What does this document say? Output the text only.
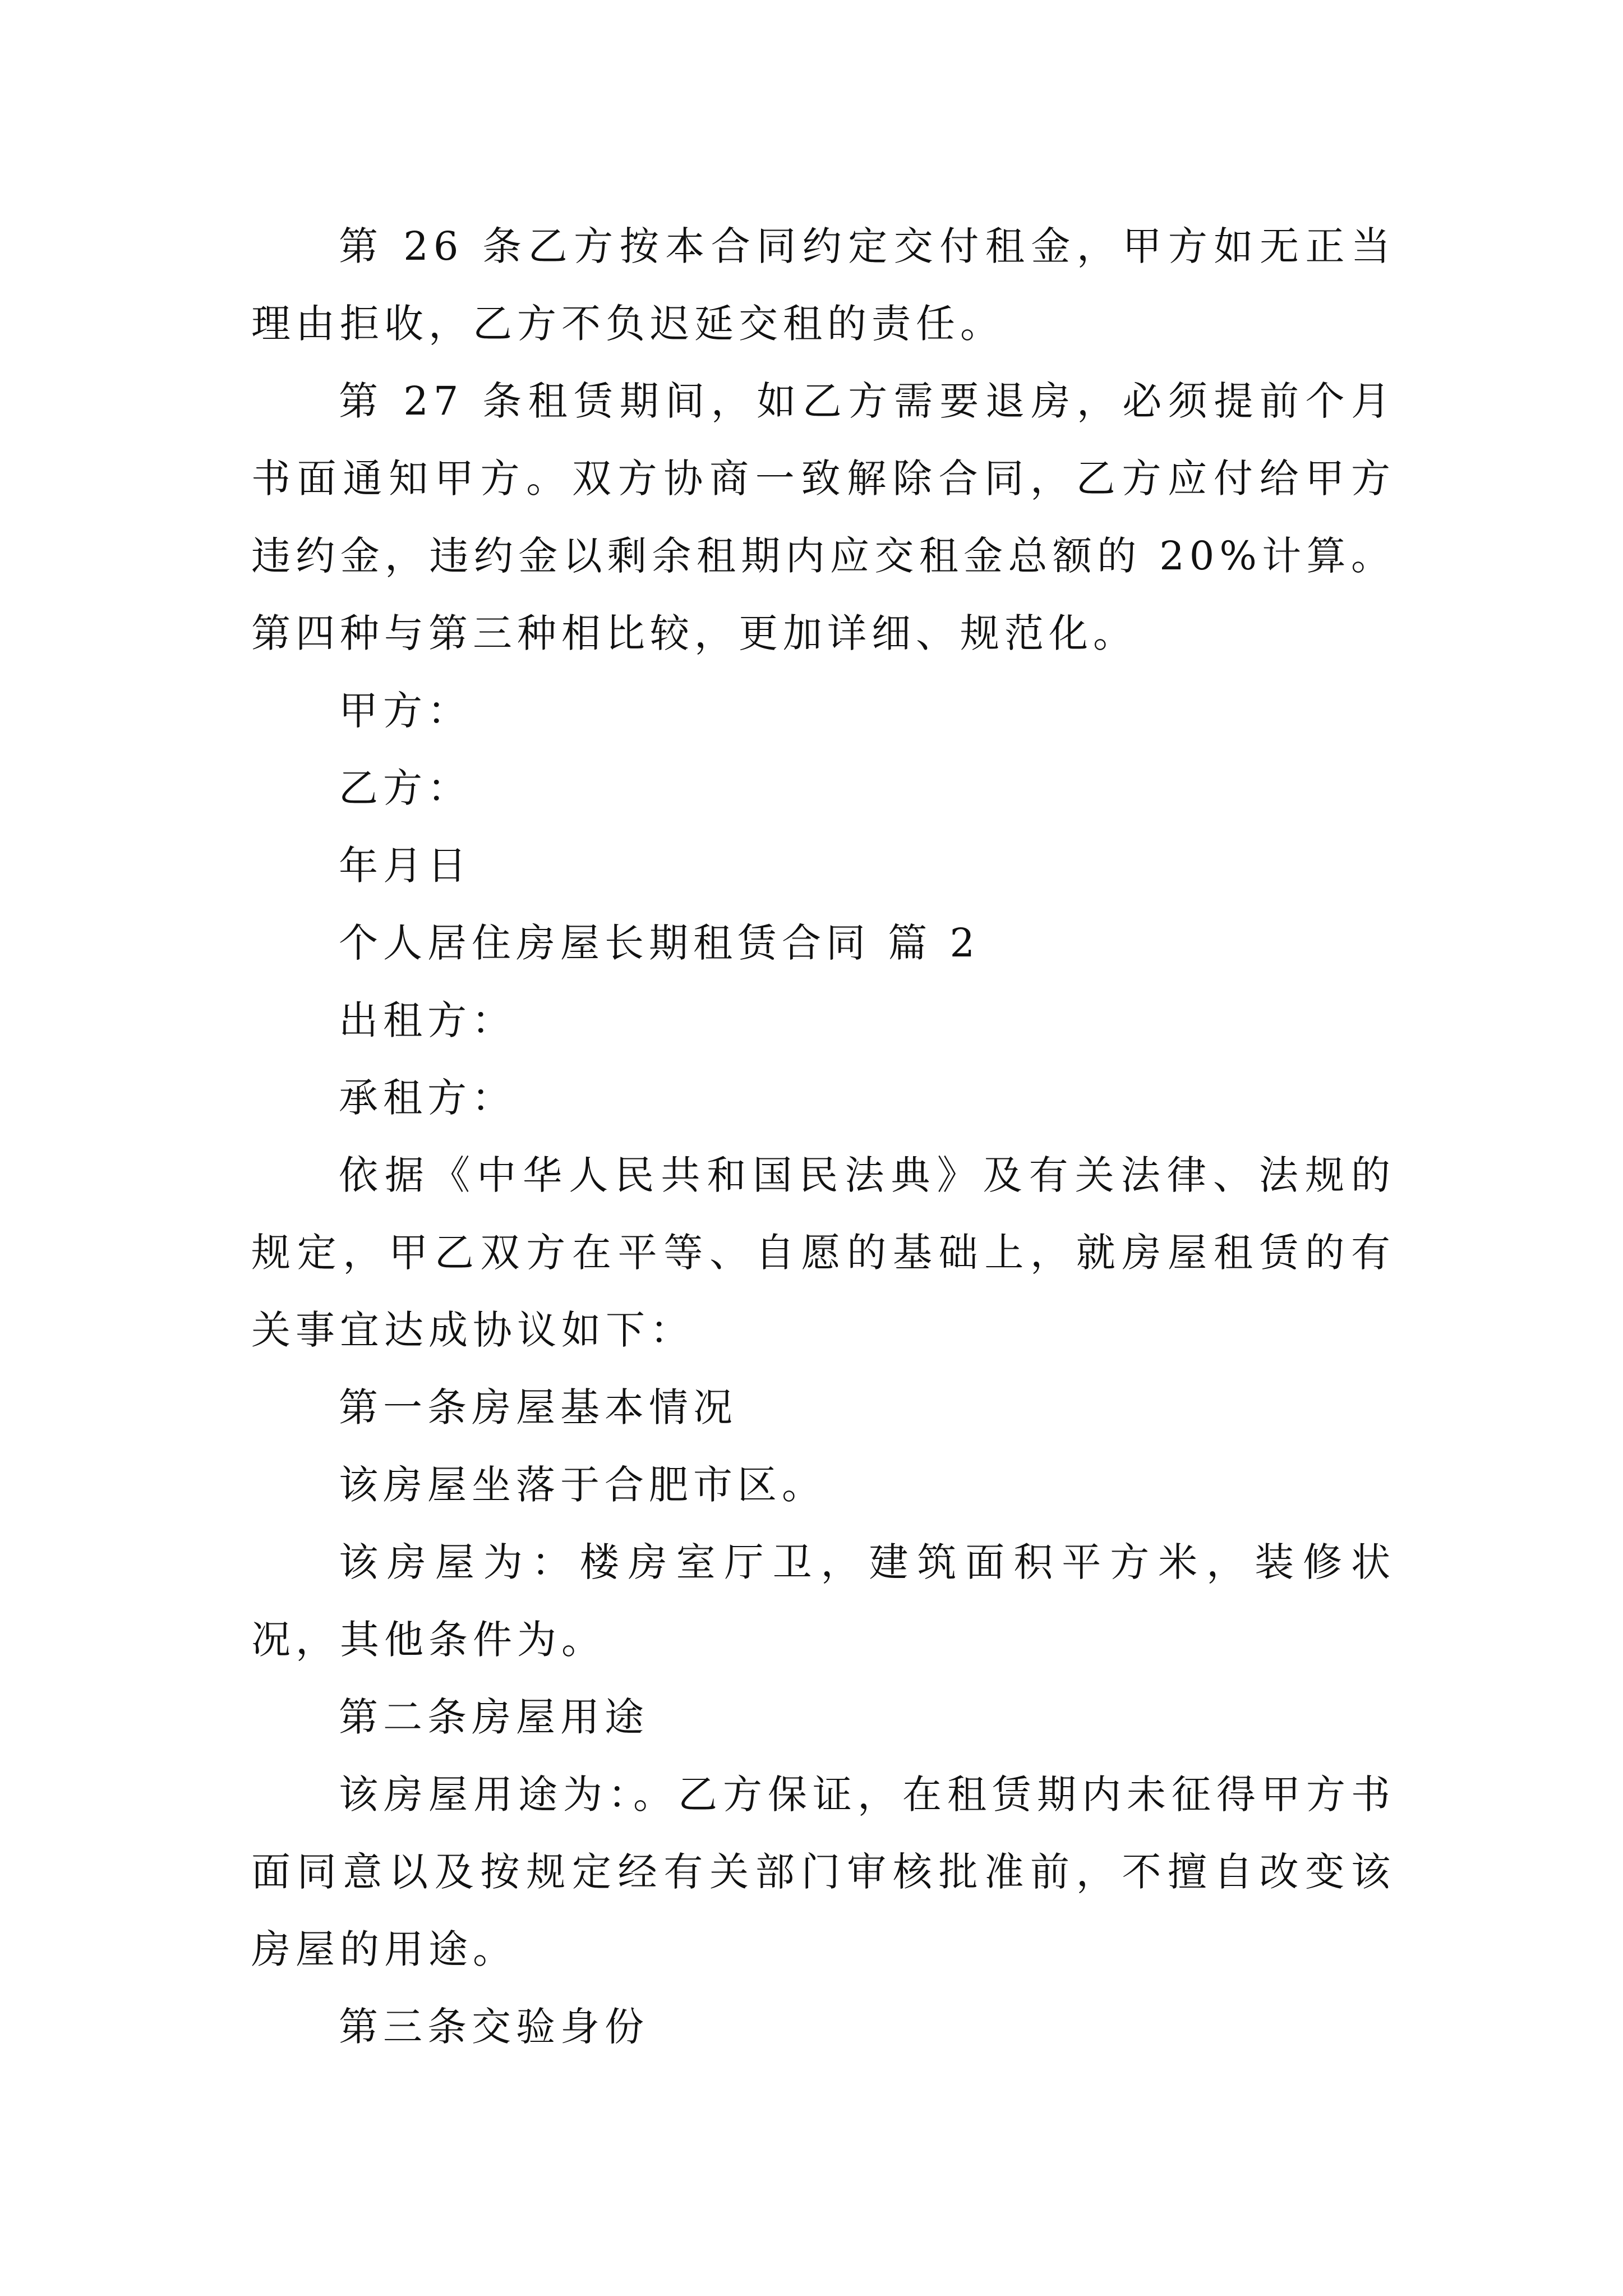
第 26 条乙方按本合同约定交付租金，甲方如无正当理由拒收，乙方不负迟延交租的责任。

第 27 条租赁期间，如乙方需要退房，必须提前个月书面通知甲方。双方协商一致解除合同，乙方应付给甲方违约金，违约金以剩余租期内应交租金总额的 20%计算。第四种与第三种相比较，更加详细、规范化。

甲方：

乙方：

年月日

个人居住房屋长期租赁合同 篇 2

出租方：

承租方：

依据《中华人民共和国民法典》及有关法律、法规的规定，甲乙双方在平等、自愿的基础上，就房屋租赁的有关事宜达成协议如下：

第一条房屋基本情况

该房屋坐落于合肥市区。

该房屋为：楼房室厅卫，建筑面积平方米，装修状况，其他条件为。

第二条房屋用途

该房屋用途为：。乙方保证，在租赁期内未征得甲方书面同意以及按规定经有关部门审核批准前，不擅自改变该房屋的用途。

第三条交验身份
